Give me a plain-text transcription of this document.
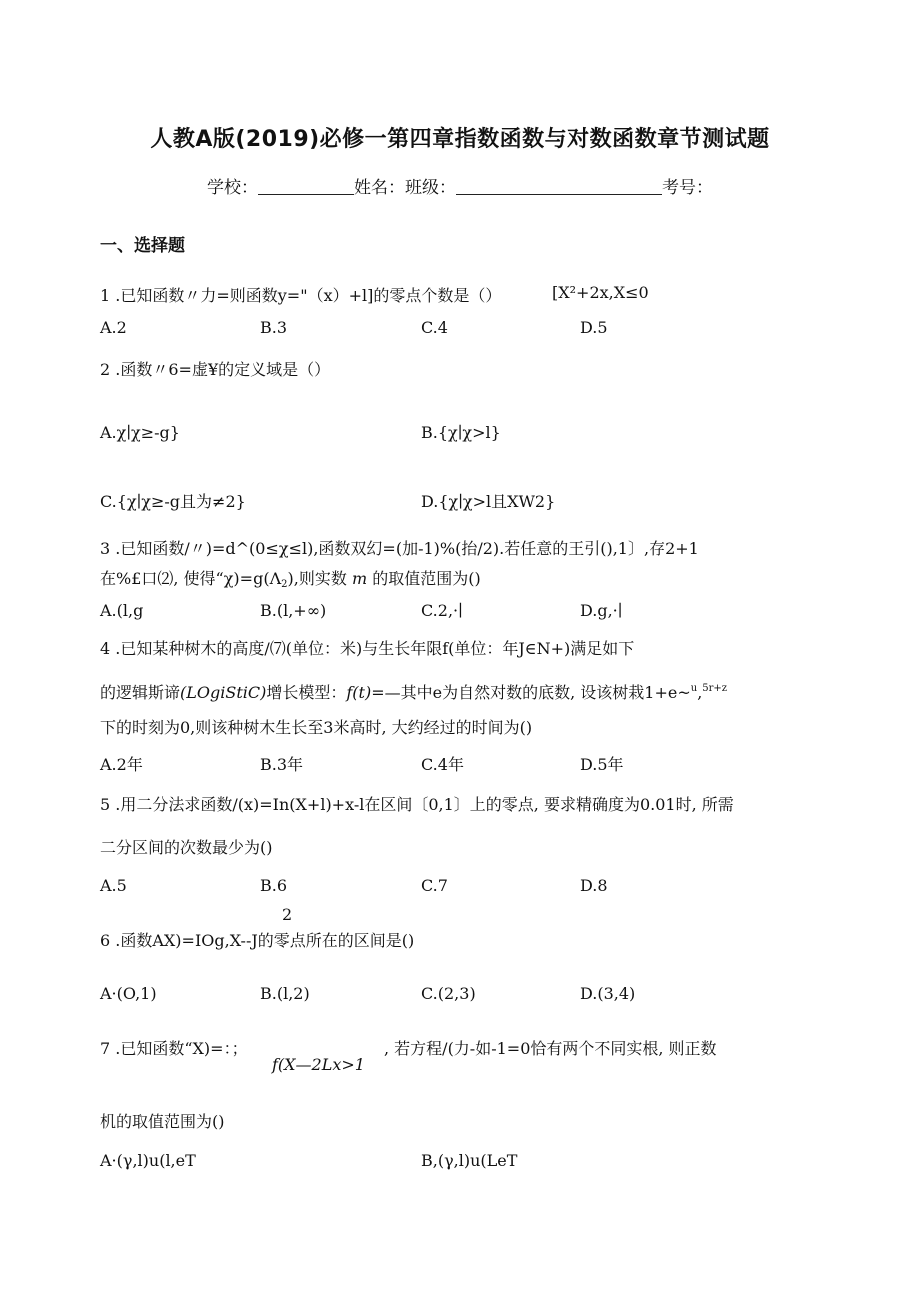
人教A版(2019)必修一第四章指数函数与对数函数章节测试题
学校：	姓名：班级：	考号：
一、选择题
1 .已知函数〃力=则函数y="（x）+l]的零点个数是（）	[X²+2x,X≤0
A.2	B.3	C.4	D.5
2 .函数〃6=虚¥的定义域是（）
A.χ∣χ≥-g}	B.{χ∣χ>l}
C.{χ∣χ≥-g且为≠2}	D.{χ∣χ>l且XW2}
3 .已知函数/〃)=d^(0≤χ≤l),函数双幻=(加-1)%(抬/2).若任意的王引(),1〕,存2+1
在%£口⑵, 使得“$\chi)=g(\Lambda_2)$,则实数 m 的取值范围为()
A.(l,g	B.(l,+∞)	C.2,·∣	D.g,·∣
4 .已知某种树木的高度/⑺(单位：米)与生长年限f(单位：年J∈N+)满足如下
的逻辑斯谛(LOgiStiC)增长模型：f(t)=—其中e为自然对数的底数, 设该树栽1+e~$^u$,$^{5r+z}$
下的时刻为0,则该种树木生长至3米高时, 大约经过的时间为()
A.2年	B.3年	C.4年	D.5年
5 .用二分法求函数/(x)=In(X+l)+x-l在区间〔0,1〕上的零点, 要求精确度为0.01时, 所需
二分区间的次数最少为()
A.5	B.6	C.7	D.8
2
6 .函数AX)=IOg,X--J的零点所在的区间是()
A·(O,1)	B.(l,2)	C.(2,3)	D.(3,4)
7 .已知函数“X)=：；	, 若方程/(力-如-1=0恰有两个不同实根, 则正数
f(X—2Lx>1
机的取值范围为()
A·(γ,l)u(l,eT	B,(γ,l)u(LeT
